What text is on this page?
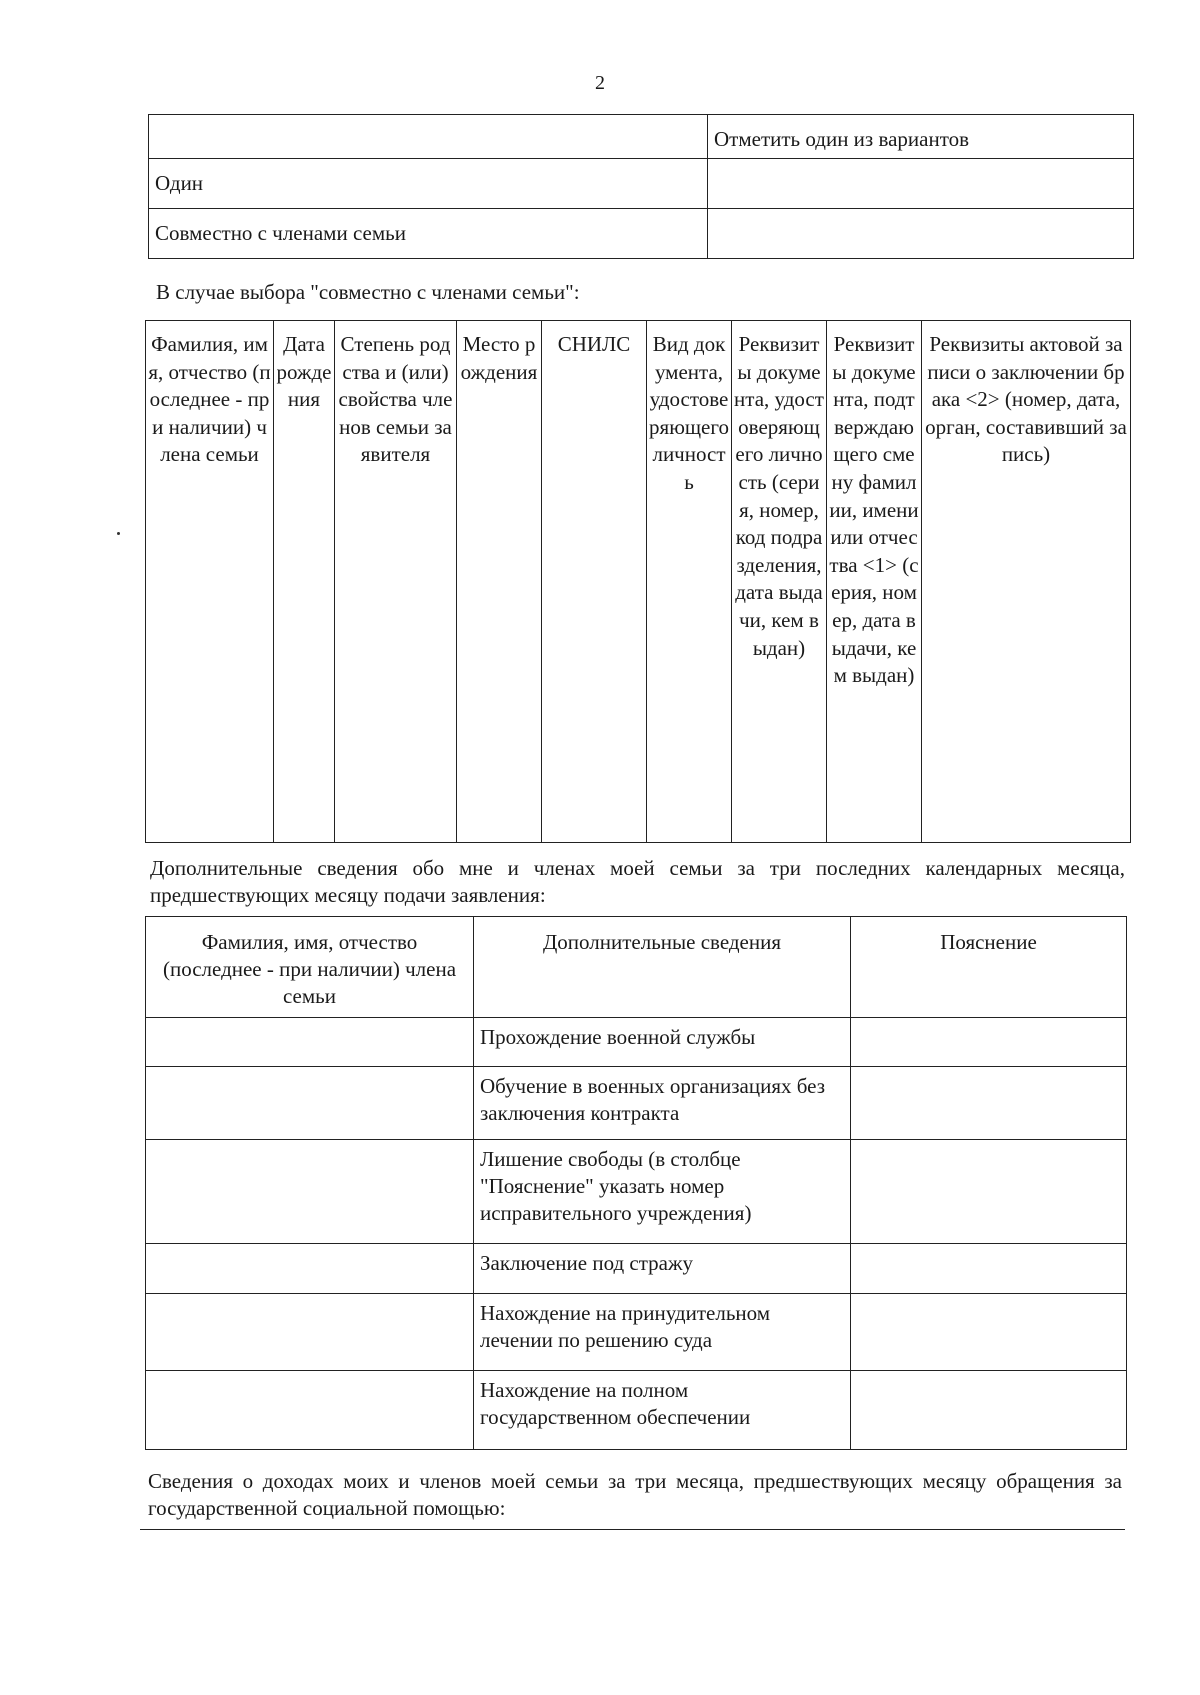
2
	Отметить один из вариантов
Один	
Совместно с членами семьи	
В случае выбора "совместно с членами семьи":
Фамилия, имя, отчество (последнее - при наличии) члена семьи	Дата рождения	Степень родства и (или) свойства членов семьи заявителя	Место рождения	СНИЛС	Вид документа, удостоверяющего личность	Реквизиты документа, удостоверяющего личность (серия, номер, код подразделения, дата выдачи, кем выдан)	Реквизиты документа, подтверждающего смену фамилии, имени или отчества <1> (серия, номер, дата выдачи, кем выдан)	Реквизиты актовой записи о заключении брака <2> (номер, дата, орган, составивший запись)
Дополнительные сведения обо мне и членах моей семьи за три последних календарных месяца, предшествующих месяцу подачи заявления:
Фамилия, имя, отчество (последнее - при наличии) члена семьи	Дополнительные сведения	Пояснение
	Прохождение военной службы	
	Обучение в военных организациях без заключения контракта	
	Лишение свободы (в столбце "Пояснение" указать номер исправительного учреждения)	
	Заключение под стражу	
	Нахождение на принудительном лечении по решению суда	
	Нахождение на полном государственном обеспечении	
Сведения о доходах моих и членов моей семьи за три месяца, предшествующих месяцу обращения за государственной социальной помощью:
